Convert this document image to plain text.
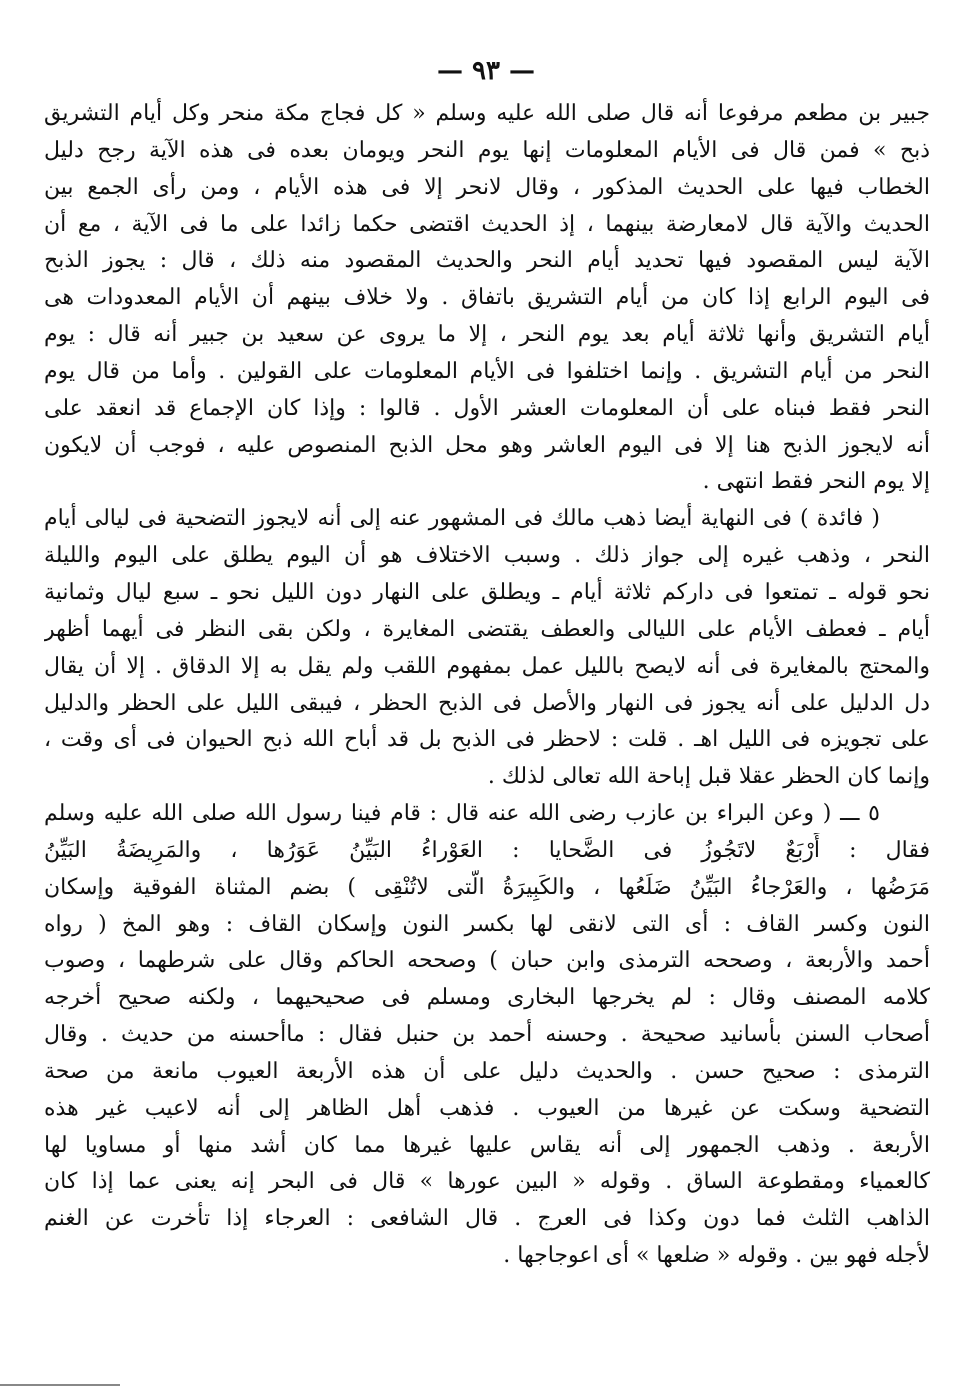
— ٩٣ —
جبير بن مطعم مرفوعا أنه قال صلى الله عليه وسلم « كل فجاج مكة منحر وكل أيام التشريق
ذبح » فمن قال فى الأيام المعلومات إنها يوم النحر ويومان بعده فى هذه الآية رجح دليل
الخطاب فيها على الحديث المذكور ، وقال لانحر إلا فى هذه الأيام ، ومن رأى الجمع بين
الحديث والآية قال لامعارضة بينهما ، إذ الحديث اقتضى حكما زائدا على ما فى الآية ، مع أن
الآية ليس المقصود فيها تحديد أيام النحر والحديث المقصود منه ذلك ، قال : يجوز الذبح
فى اليوم الرابع إذا كان من أيام التشريق باتفاق . ولا خلاف بينهم أن الأيام المعدودات هى
أيام التشريق وأنها ثلاثة أيام بعد يوم النحر ، إلا ما يروى عن سعيد بن جبير أنه قال : يوم
النحر من أيام التشريق . وإنما اختلفوا فى الأيام المعلومات على القولين . وأما من قال يوم
النحر فقط فبناه على أن المعلومات العشر الأول . قالوا : وإذا كان الإجماع قد انعقد على
أنه لايجوز الذبح هنا إلا فى اليوم العاشر وهو محل الذبح المنصوص عليه ، فوجب أن لايكون
إلا يوم النحر فقط انتهى .
( فائدة ) فى النهاية أيضا ذهب مالك فى المشهور عنه إلى أنه لايجوز التضحية فى ليالى أيام
النحر ، وذهب غيره إلى جواز ذلك . وسبب الاختلاف هو أن اليوم يطلق على اليوم والليلة
نحو قوله ـ تمتعوا فى داركم ثلاثة أيام ـ ويطلق على النهار دون الليل نحو ـ سبع ليال وثمانية
أيام ـ فعطف الأيام على الليالى والعطف يقتضى المغايرة ، ولكن بقى النظر فى أيهما أظهر
والمحتج بالمغايرة فى أنه لايصح بالليل عمل بمفهوم اللقب ولم يقل به إلا الدقاق . إلا أن يقال
دل الدليل على أنه يجوز فى النهار والأصل فى الذبح الحظر ، فيبقى الليل على الحظر والدليل
على تجويزه فى الليل اهـ . قلت : لاحظر فى الذبح بل قد أباح الله ذبح الحيوان فى أى وقت ،
وإنما كان الحظر عقلا قبل إباحة الله تعالى لذلك .
٥ ـــ ( وعن البراء بن عازب رضى الله عنه قال : قام فينا رسول الله صلى الله عليه وسلم
فقال : أَرْبَعٌ لاتَجُوزُ فى الضَّحايا : العَوْراءُ البَيِّنُ عَوَرُها ، والمَرِيضَةُ البَيِّنُ
مَرَضُها ، والعَرْجاءُ البَيِّنُ ضَلَعُها ، والكَبِيرَةُ الَّتى لاتُنْقِى ) بضم المثناة الفوقية وإسكان
النون وكسر القاف : أى التى لانقى لها بكسر النون وإسكان القاف : وهو المخ ( رواه
أحمد والأربعة ، وصححه الترمذى وابن حبان ) وصححه الحاكم وقال على شرطهما ، وصوب
كلامه المصنف وقال : لم يخرجها البخارى ومسلم فى صحيحيهما ، ولكنه صحيح أخرجه
أصحاب السنن بأسانيد صحيحة . وحسنه أحمد بن حنبل فقال : ماأحسنه من حديث . وقال
الترمذى : صحيح حسن . والحديث دليل على أن هذه الأربعة العيوب مانعة من صحة
التضحية وسكت عن غيرها من العيوب . فذهب أهل الظاهر إلى أنه لاعيب غير هذه
الأربعة . وذهب الجمهور إلى أنه يقاس عليها غيرها مما كان أشد منها أو مساويا لها
كالعمياء ومقطوعة الساق . وقوله « البين عورها » قال فى البحر إنه يعنى عما إذا كان
الذاهب الثلث فما دون وكذا فى العرج . قال الشافعى : العرجاء إذا تأخرت عن الغنم
لأجله فهو بين . وقوله « ضلعها » أى اعوجاجها .
